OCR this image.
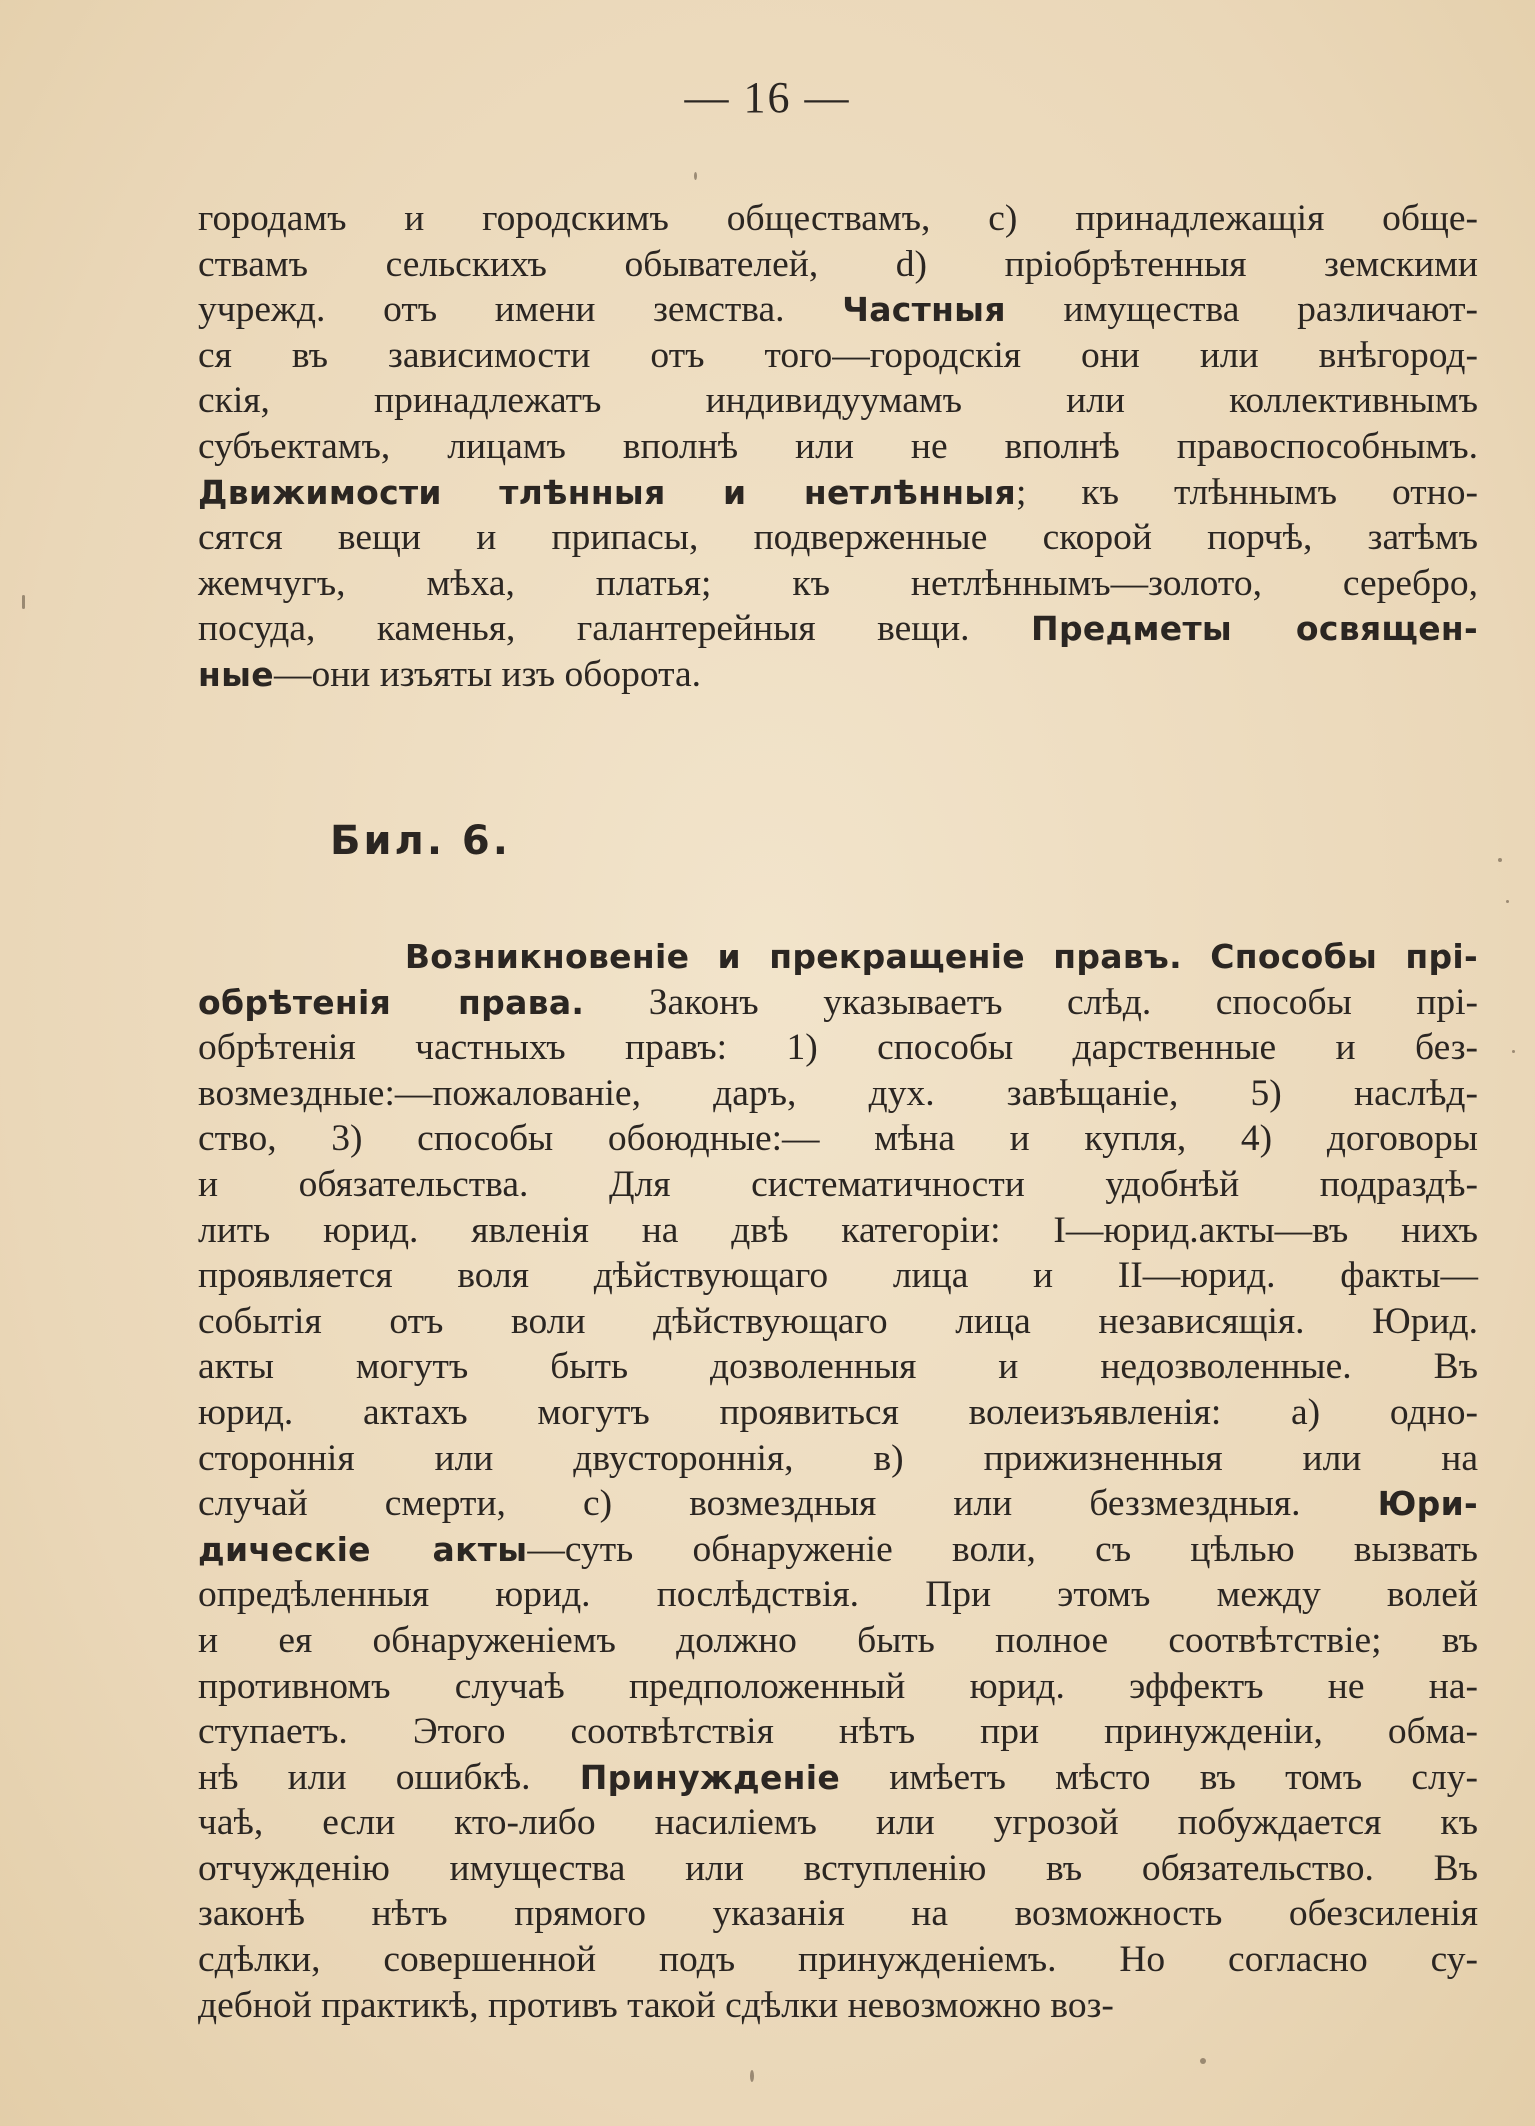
— 16 —
городамъ и городскимъ обществамъ, c) принадлежащія обще-
ствамъ сельскихъ обывателей, d) пріобрѣтенныя земскими
учрежд. отъ имени земства. Частныя имущества различают-
ся въ зависимости отъ того—городскія они или внѣгород-
скія, принадлежатъ индивидуумамъ или коллективнымъ
субъектамъ, лицамъ вполнѣ или не вполнѣ правоспособнымъ.
Движимости тлѣнныя и нетлѣнныя; къ тлѣннымъ отно-
сятся вещи и припасы, подверженные скорой порчѣ, затѣмъ
жемчугъ, мѣха, платья; къ нетлѣннымъ—золото, серебро,
посуда, каменья, галантерейныя вещи. Предметы освящен-
ные—они изъяты изъ оборота.
Бил. 6.
Возникновеніе и прекращеніе правъ. Способы прі-
обрѣтенія права. Законъ указываетъ слѣд. способы прі-
обрѣтенія частныхъ правъ: 1) способы дарственные и без-
возмездные:—пожалованіе, даръ, дух. завѣщаніе, 5) наслѣд-
ство, 3) способы обоюдные:— мѣна и купля, 4) договоры
и обязательства. Для систематичности удобнѣй подраздѣ-
лить юрид. явленія на двѣ категоріи: I—юрид.акты—въ нихъ
проявляется воля дѣйствующаго лица и II—юрид. факты—
событія отъ воли дѣйствующаго лица независящія. Юрид.
акты могутъ быть дозволенныя и недозволенные. Въ
юрид. актахъ могутъ проявиться волеизъявленія: а) одно-
стороннія или двустороннія, в) прижизненныя или на
случай смерти, с) возмездныя или беззмездныя. Юри-
дическіе акты—суть обнаруженіе воли, съ цѣлью вызвать
опредѣленныя юрид. послѣдствія. При этомъ между волей
и ея обнаруженіемъ должно быть полное соотвѣтствіе; въ
противномъ случаѣ предположенный юрид. эффектъ не на-
ступаетъ. Этого соотвѣтствія нѣтъ при принужденіи, обма-
нѣ или ошибкѣ. Принужденіе имѣетъ мѣсто въ томъ слу-
чаѣ, если кто-либо насиліемъ или угрозой побуждается къ
отчужденію имущества или вступленію въ обязательство. Въ
законѣ нѣтъ прямого указанія на возможность обезсиленія
сдѣлки, совершенной подъ принужденіемъ. Но согласно су-
дебной практикѣ, противъ такой сдѣлки невозможно воз-
